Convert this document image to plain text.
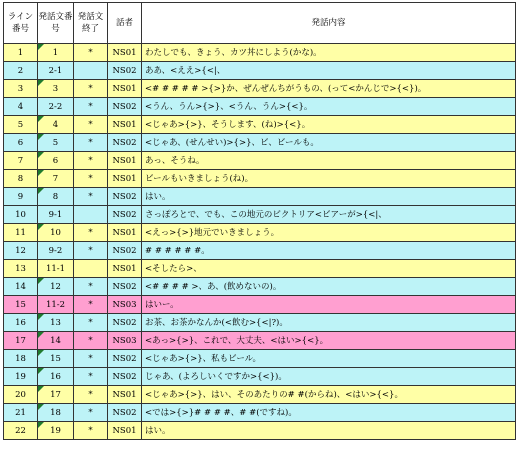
ライン番号	発話文番号	発話文終了	話者	発話内容
1	1	*	NS01	わたしでも、きょう、カツ丼にしよう(かな)。
2	2-1		NS02	ああ、<ええ>{<|、
3	3	*	NS01	<# # # # # >{>}か、ぜんぜんちがうもの、(って<かんじで>{<})。
4	2-2	*	NS02	<うん、うん>{>}、<うん、うん>{<}。
5	4	*	NS01	<じゃあ>{>}、そうします、(ね)>{<}。
6	5	*	NS02	<じゃあ、(せんせい)>{>}、ビ、ビールも。
7	6	*	NS01	あっ、そうね。
8	7	*	NS01	ビールもいきましょう(ね)。
9	8	*	NS02	はい。
10	9-1		NS02	さっぽろとで、でも、この地元のビクトリア<ビアーが>{<|、
11	10	*	NS01	<えっ>{>}地元でいきましょう。
12	9-2	*	NS02	# # # # # #。
13	11-1		NS01	<そしたら>、
14	12	*	NS02	<# # # # >、あ、(飲めないの)。
15	11-2	*	NS03	はいー。
16	13	*	NS02	お茶、お茶かなんか(<飲む>{<|?)。
17	14	*	NS03	<あっ>{>}、これで、大丈夫、<はい>{<}。
18	15	*	NS02	<じゃあ>{>}、私もビール。
19	16	*	NS02	じゃあ、(よろしいくですか>{<})。
20	17	*	NS01	<じゃあ>{>}、はい、そのあたりの# #(からね)、<はい>{<}。
21	18	*	NS02	<では>{>}# # # #、# #(ですね)。
22	19	*	NS01	はい。
